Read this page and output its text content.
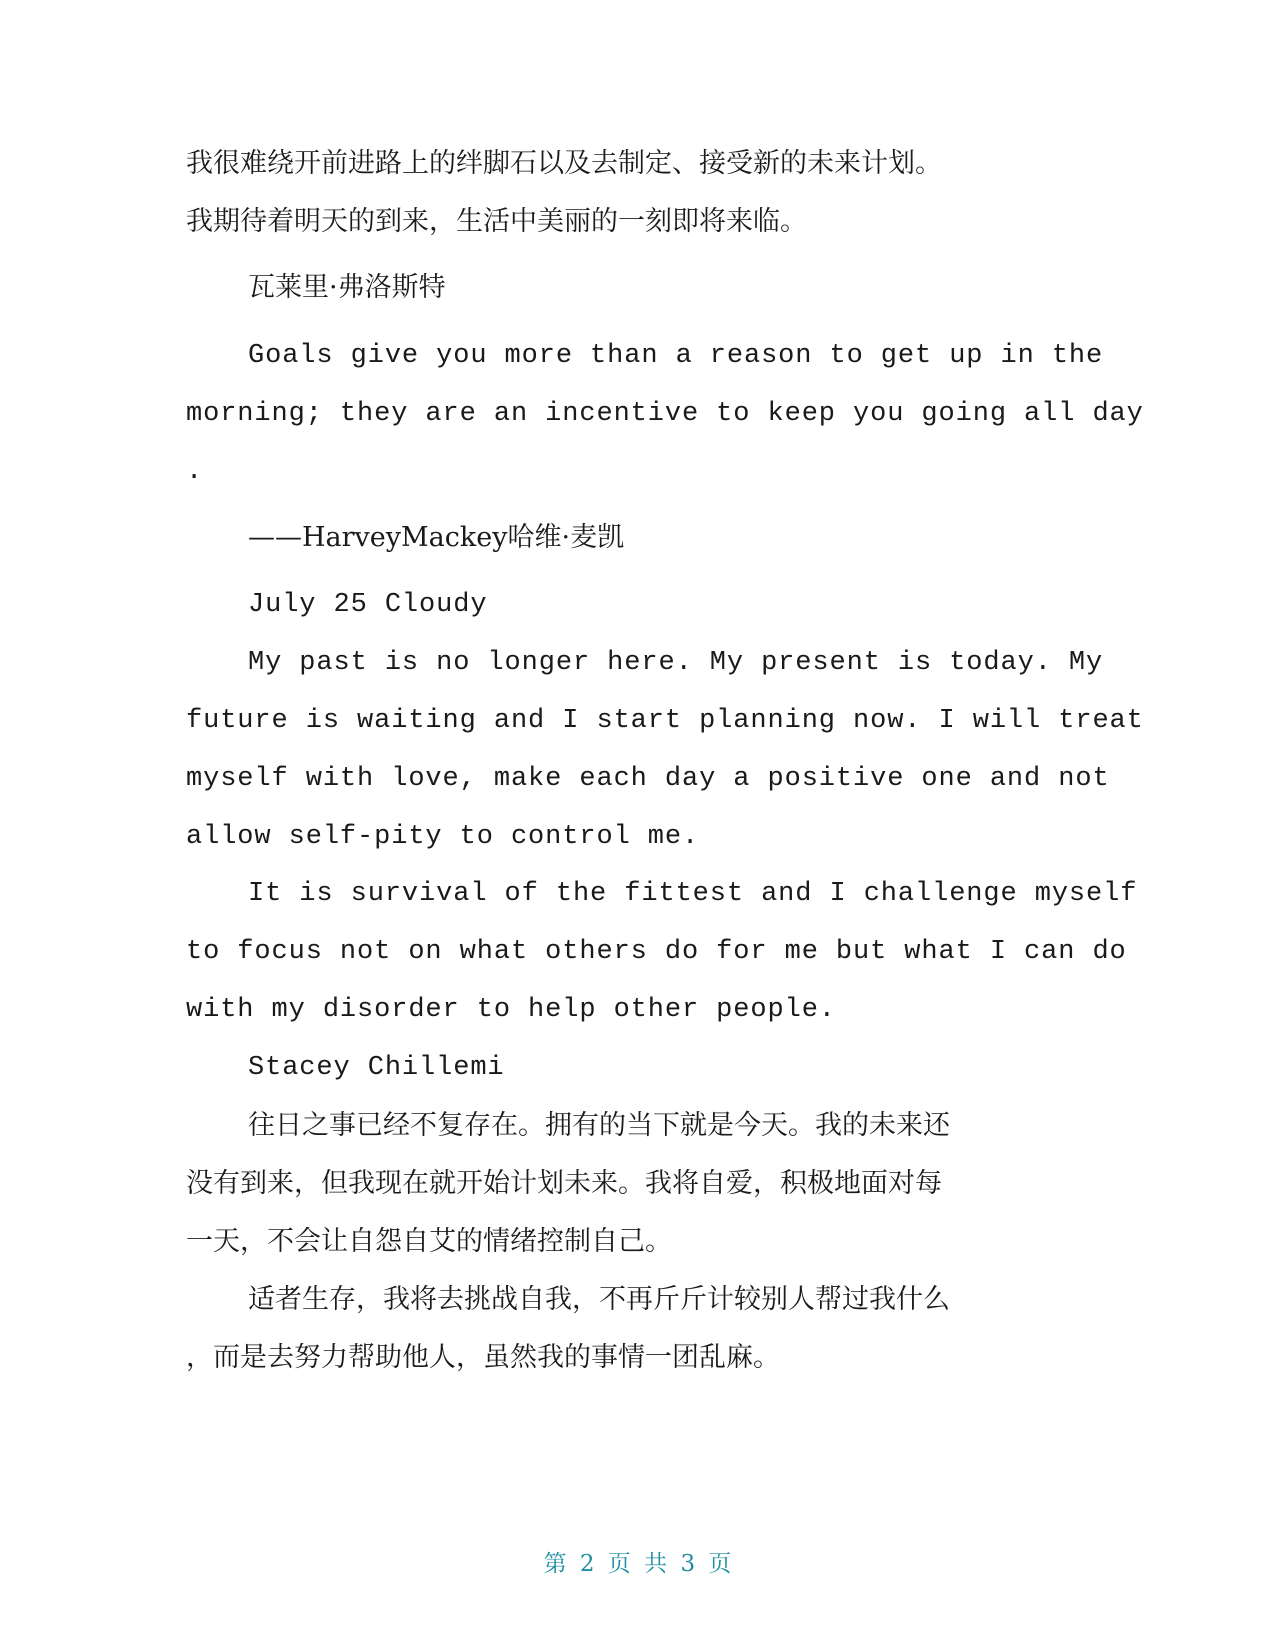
我很难绕开前进路上的绊脚石以及去制定、接受新的未来计划。
我期待着明天的到来，生活中美丽的一刻即将来临。
瓦莱里·弗洛斯特
Goals give you more than a reason to get up in the
morning; they are an incentive to keep you going all day
.
——HarveyMackey哈维·麦凯
July 25 Cloudy
My past is no longer here. My present is today. My
future is waiting and I start planning now. I will treat
myself with love, make each day a positive one and not
allow self-pity to control me.
It is survival of the fittest and I challenge myself
to focus not on what others do for me but what I can do
with my disorder to help other people.
Stacey Chillemi
往日之事已经不复存在。拥有的当下就是今天。我的未来还
没有到来，但我现在就开始计划未来。我将自爱，积极地面对每
一天，不会让自怨自艾的情绪控制自己。
适者生存，我将去挑战自我，不再斤斤计较别人帮过我什么
，而是去努力帮助他人，虽然我的事情一团乱麻。
第 2 页 共 3 页
